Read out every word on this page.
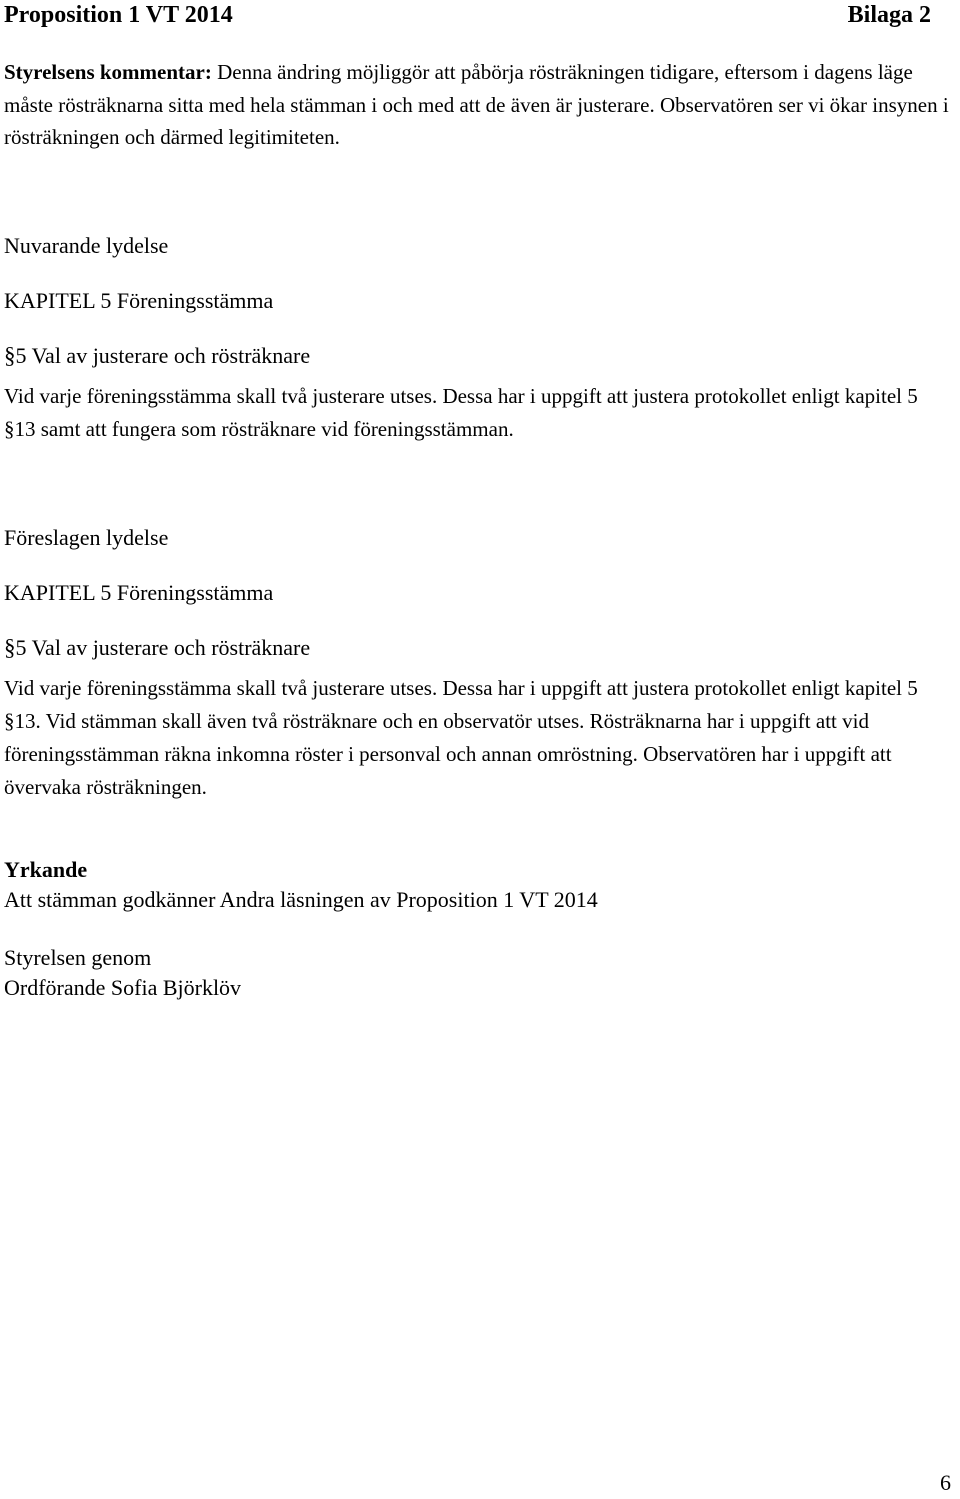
Proposition 1 VT 2014	Bilaga 2
Styrelsens kommentar: Denna ändring möjliggör att påbörja rösträkningen tidigare, eftersom i dagens läge måste rösträknarna sitta med hela stämman i och med att de även är justerare. Observatören ser vi ökar insynen i rösträkningen och därmed legitimiteten.
Nuvarande lydelse
KAPITEL 5 Föreningsstämma
§5 Val av justerare och rösträknare
Vid varje föreningsstämma skall två justerare utses. Dessa har i uppgift att justera protokollet enligt kapitel 5 §13 samt att fungera som rösträknare vid föreningsstämman.
Föreslagen lydelse
KAPITEL 5 Föreningsstämma
§5 Val av justerare och rösträknare
Vid varje föreningsstämma skall två justerare utses. Dessa har i uppgift att justera protokollet enligt kapitel 5 §13. Vid stämman skall även två rösträknare och en observatör utses. Rösträknarna har i uppgift att vid föreningsstämman räkna inkomna röster i personval och annan omröstning. Observatören har i uppgift att övervaka rösträkningen.
Yrkande
Att stämman godkänner Andra läsningen av Proposition 1 VT 2014
Styrelsen genom
Ordförande Sofia Björklöv
6
